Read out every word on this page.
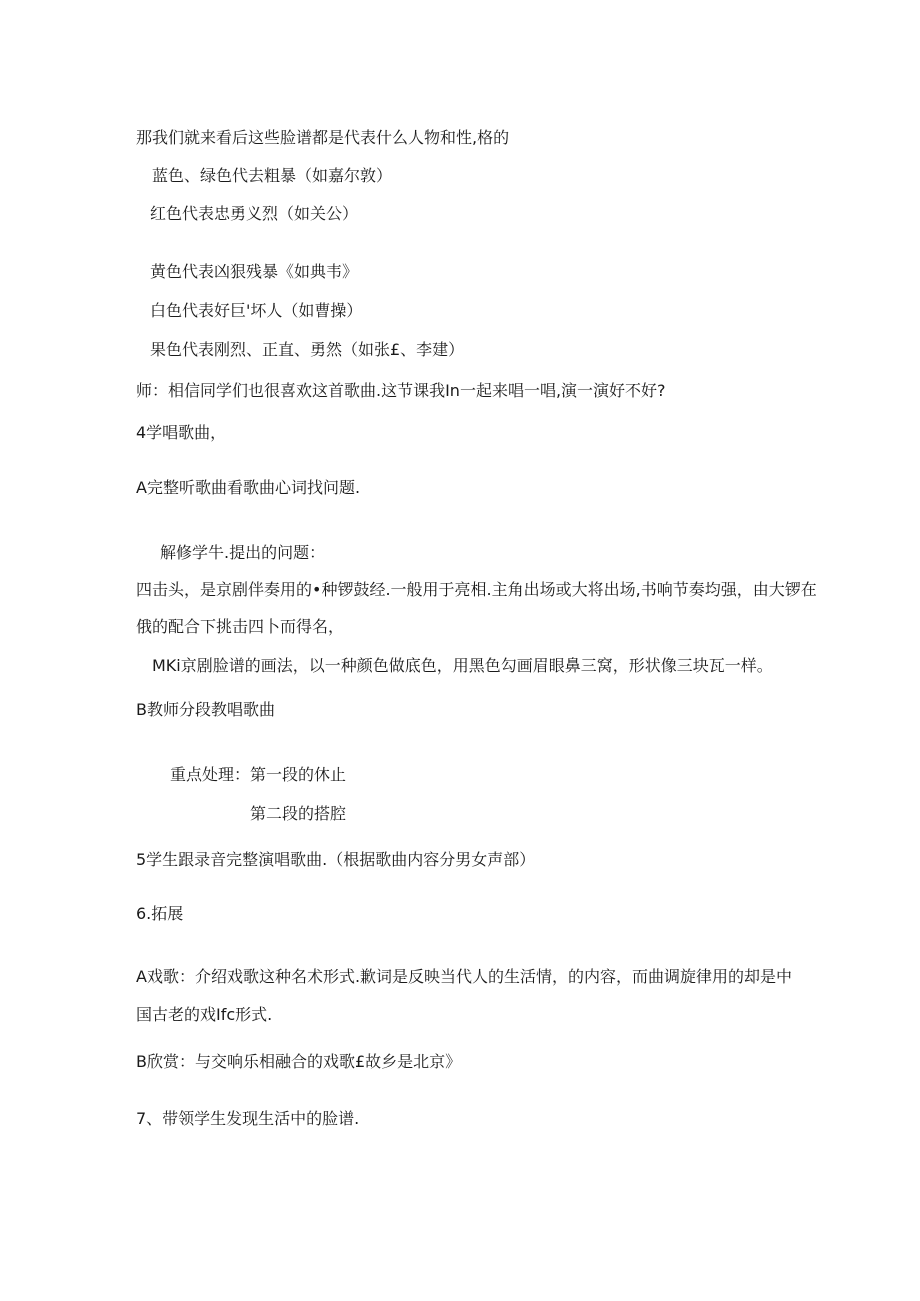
那我们就来看后这些脸谱都是代表什么人物和性,格的
蓝色、绿色代去粗暴（如嘉尔敦）
红色代表忠勇义烈（如关公）
黄色代表凶狠残暴《如典韦》
白色代表好巨'坏人（如曹操）
果色代表刚烈、正直、勇然（如张£、李建）
师：相信同学们也很喜欢这首歌曲.这节课我In一起来唱一唱,演一演好不好?
4学唱歌曲，
A完整听歌曲看歌曲心词找问题.
解修学牛.提出的问题：
四击头，是京剧伴奏用的•种锣鼓经.一般用于亮相.主角出场或大将出场,书响节奏均强，由大锣在
俄的配合下挑击四卜而得名，
MKi京剧脸谱的画法，以一种颜色做底色，用黑色勾画眉眼鼻三窝，形状像三块瓦一样。
B教师分段教唱歌曲
重点处理：第一段的休止
第二段的搭腔
5学生跟录音完整演唱歌曲.（根据歌曲内容分男女声部）
6.拓展
A戏歌：介绍戏歌这种名术形式.歉词是反映当代人的生活情，的内容，而曲调旋律用的却是中
国古老的戏Ifc形式.
B欣赏：与交响乐相融合的戏歌£故乡是北京》
7、带领学生发现生活中的脸谱.
